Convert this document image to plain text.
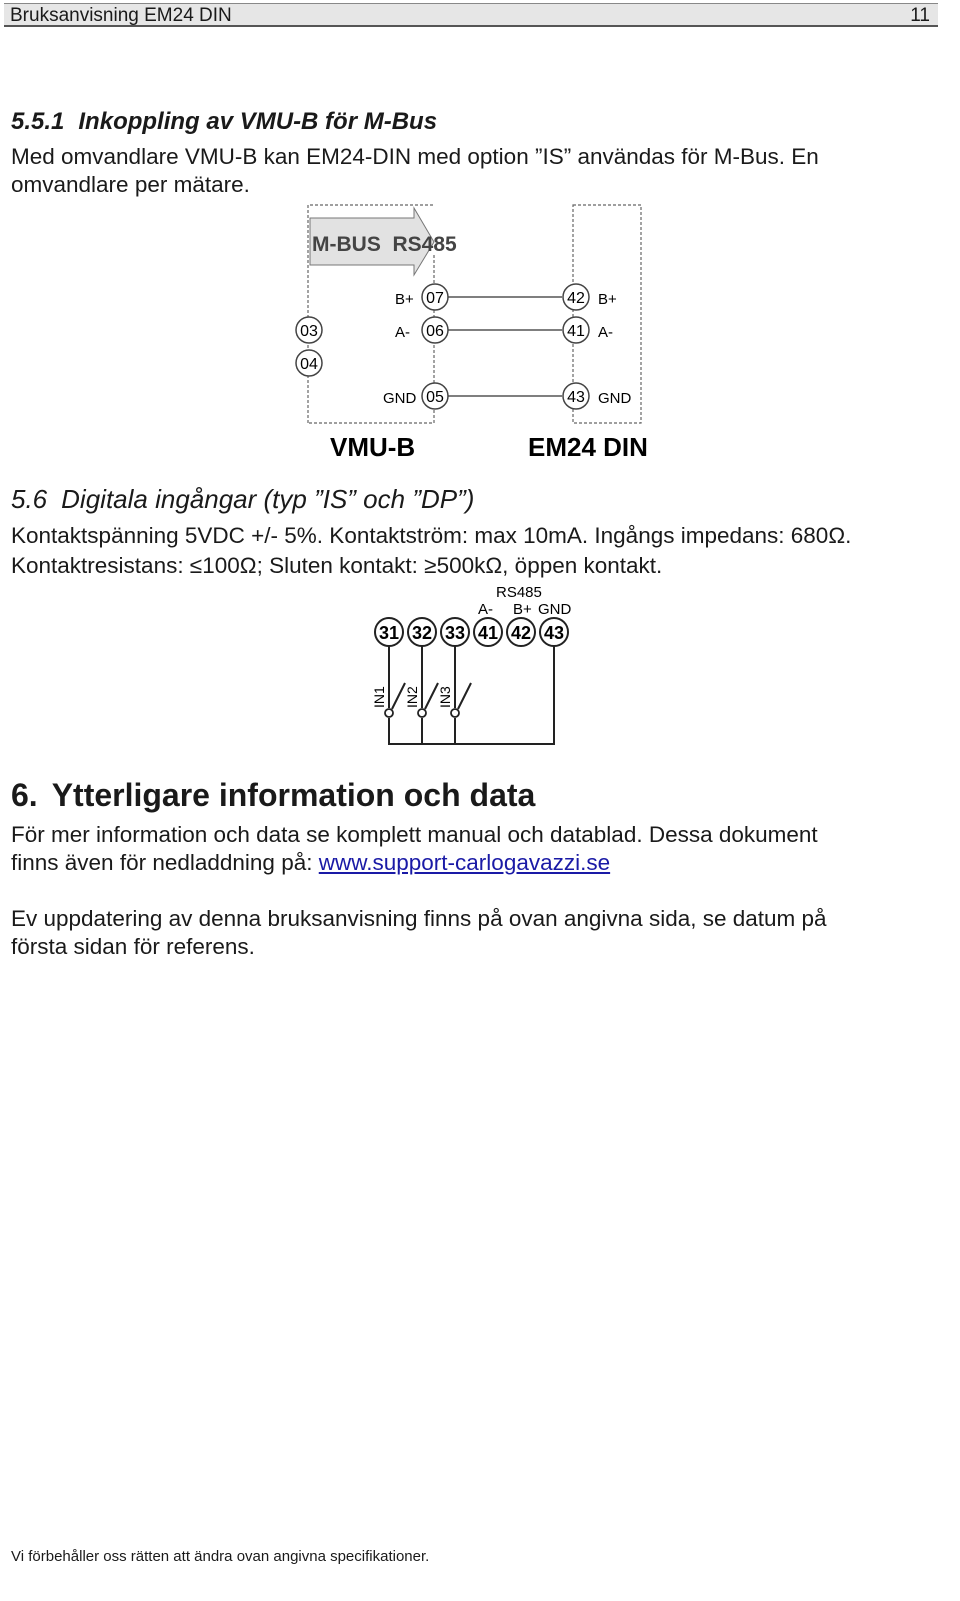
Bruksanvisning EM24 DIN	11
5.5.1 Inkoppling av VMU-B för M-Bus
Med omvandlare VMU-B kan EM24-DIN med option ”IS” användas för M-Bus. En
omvandlare per mätare.
M-BUS  RS485
07
06
05
03
04
42
41
43
B+
A-
GND
B+
A-
GND
VMU-B	EM24 DIN
5.6 Digitala ingångar (typ ”IS” och ”DP”)
Kontaktspänning 5VDC +/- 5%. Kontaktström: max 10mA. Ingångs impedans: 680Ω.
Kontaktresistans: ≤100Ω; Sluten kontakt: ≥500kΩ, öppen kontakt.
RS485
A- B+ GND
IN1 IN2 IN3
31 32 33 41 42 43
6. Ytterligare information och data
För mer information och data se komplett manual och datablad. Dessa dokument
finns även för nedladdning på: www.support-carlogavazzi.se
Ev uppdatering av denna bruksanvisning finns på ovan angivna sida, se datum på
första sidan för referens.
Vi förbehåller oss rätten att ändra ovan angivna specifikationer.
